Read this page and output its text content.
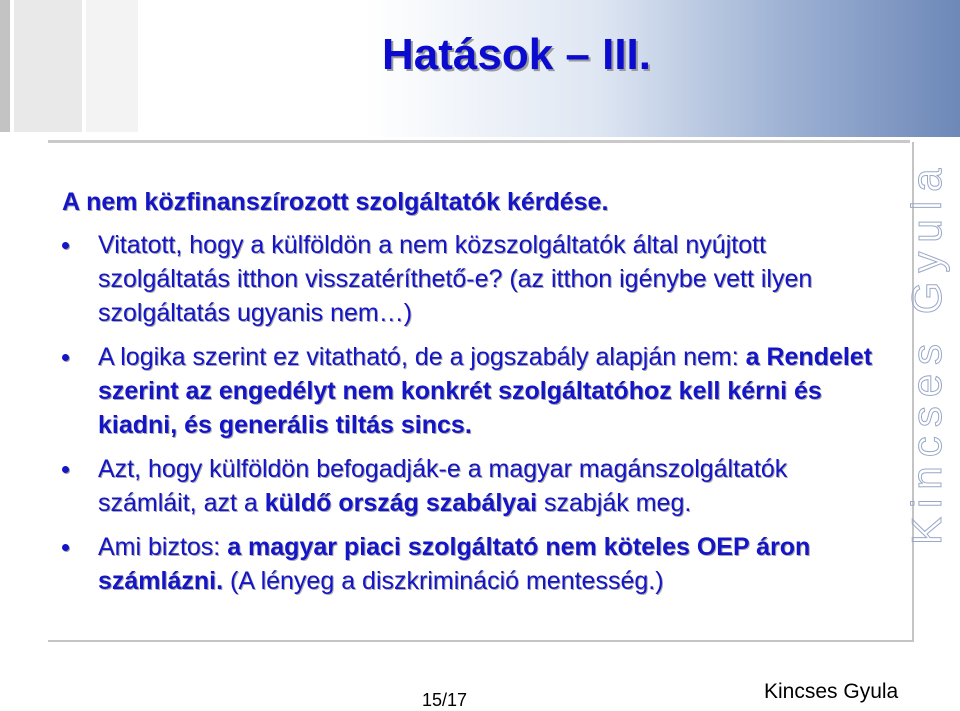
Hatások – III.
A nem közfinanszírozott szolgáltatók kérdése.
Vitatott, hogy a külföldön a nem közszolgáltatók által nyújtott szolgáltatás itthon visszatéríthető-e? (az itthon igénybe vett ilyen szolgáltatás ugyanis nem…)
A logika szerint ez vitatható, de a jogszabály alapján nem: a Rendelet szerint az engedélyt nem konkrét szolgáltatóhoz kell kérni és kiadni, és generális tiltás sincs.
Azt, hogy külföldön befogadják-e a magyar magánszolgáltatók számláit, azt a küldő ország szabályai szabják meg.
Ami biztos: a magyar piaci szolgáltató nem köteles OEP áron számlázni. (A lényeg a diszkrimináció mentesség.)
Kincses Gyula
15/17	Kincses Gyula
